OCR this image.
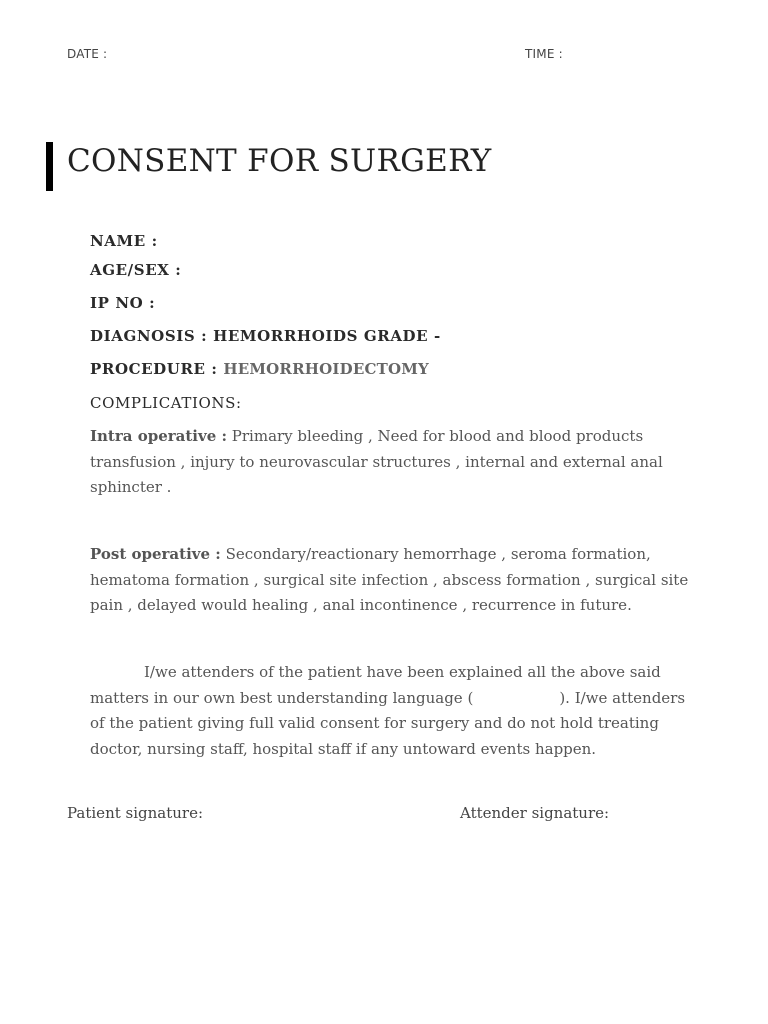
DATE :	TIME :
CONSENT FOR SURGERY
NAME :
AGE/SEX :
IP NO :
DIAGNOSIS : HEMORRHOIDS GRADE -
PROCEDURE : HEMORRHOIDECTOMY
COMPLICATIONS:
Intra operative : Primary bleeding , Need for blood and blood products transfusion , injury to neurovascular structures , internal and external anal sphincter .
Post operative : Secondary/reactionary hemorrhage , seroma formation, hematoma formation , surgical site infection , abscess formation , surgical site pain , delayed would healing , anal incontinence , recurrence in future.
I/we attenders of the patient have been explained all the above said matters in our own best understanding language (	). I/we attenders of the patient giving full valid consent for surgery and do not hold treating doctor, nursing staff, hospital staff if any untoward events happen.
Patient signature:	Attender signature:
